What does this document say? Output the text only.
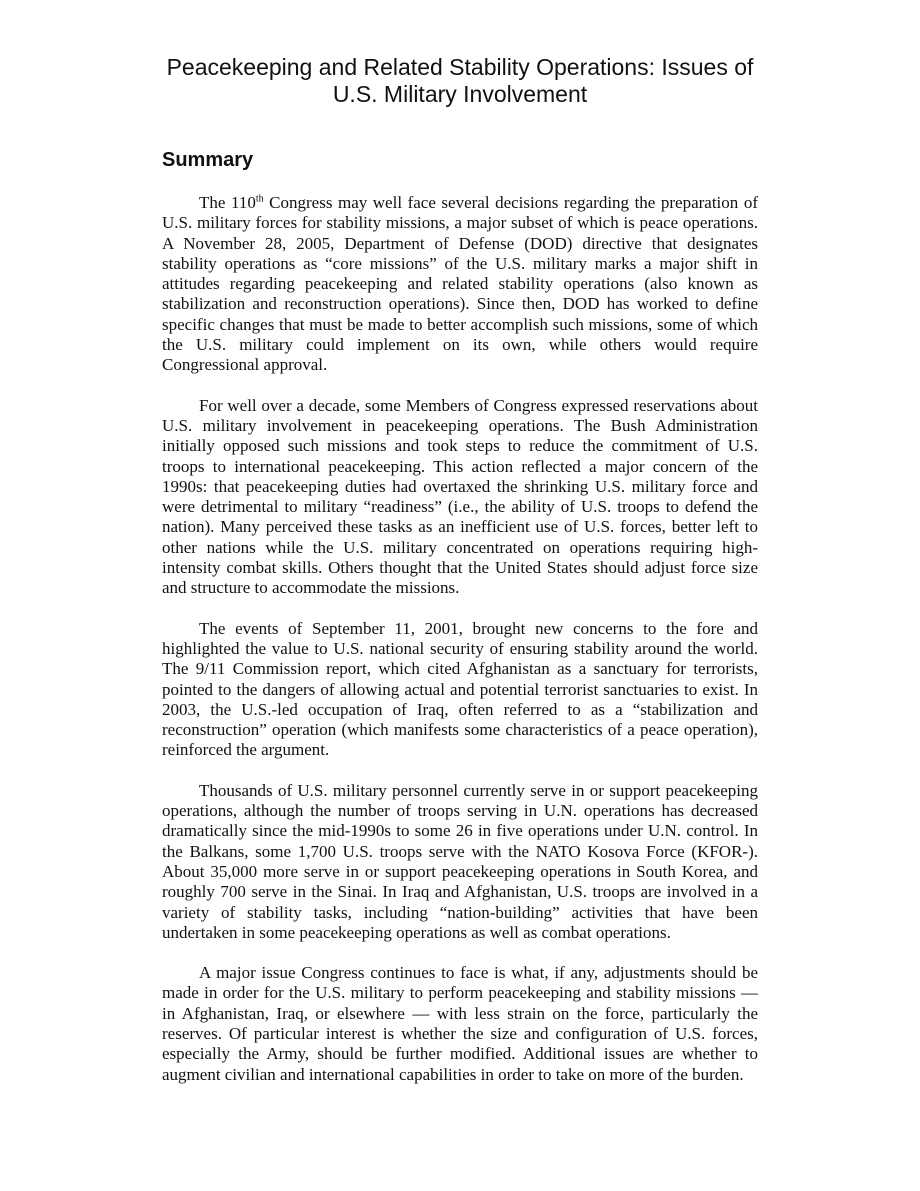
Peacekeeping and Related Stability Operations: Issues of U.S. Military Involvement
Summary

The 110th Congress may well face several decisions regarding the preparation of U.S. military forces for stability missions, a major subset of which is peace operations. A November 28, 2005, Department of Defense (DOD) directive that designates stability operations as “core missions” of the U.S. military marks a major shift in attitudes regarding peacekeeping and related stability operations (also known as stabilization and reconstruction operations). Since then, DOD has worked to define specific changes that must be made to better accomplish such missions, some of which the U.S. military could implement on its own, while others would require Congressional approval.

For well over a decade, some Members of Congress expressed reservations about U.S. military involvement in peacekeeping operations. The Bush Administration initially opposed such missions and took steps to reduce the commitment of U.S. troops to international peacekeeping. This action reflected a major concern of the 1990s: that peacekeeping duties had overtaxed the shrinking U.S. military force and were detrimental to military “readiness” (i.e., the ability of U.S. troops to defend the nation). Many perceived these tasks as an inefficient use of U.S. forces, better left to other nations while the U.S. military concentrated on operations requiring high-intensity combat skills. Others thought that the United States should adjust force size and structure to accommodate the missions.

The events of September 11, 2001, brought new concerns to the fore and highlighted the value to U.S. national security of ensuring stability around the world. The 9/11 Commission report, which cited Afghanistan as a sanctuary for terrorists, pointed to the dangers of allowing actual and potential terrorist sanctuaries to exist. In 2003, the U.S.-led occupation of Iraq, often referred to as a “stabilization and reconstruction” operation (which manifests some characteristics of a peace operation), reinforced the argument.

Thousands of U.S. military personnel currently serve in or support peacekeeping operations, although the number of troops serving in U.N. operations has decreased dramatically since the mid-1990s to some 26 in five operations under U.N. control. In the Balkans, some 1,700 U.S. troops serve with the NATO Kosova Force (KFOR-). About 35,000 more serve in or support peacekeeping operations in South Korea, and roughly 700 serve in the Sinai. In Iraq and Afghanistan, U.S. troops are involved in a variety of stability tasks, including “nation-building” activities that have been undertaken in some peacekeeping operations as well as combat operations.

A major issue Congress continues to face is what, if any, adjustments should be made in order for the U.S. military to perform peacekeeping and stability missions — in Afghanistan, Iraq, or elsewhere — with less strain on the force, particularly the reserves. Of particular interest is whether the size and configuration of U.S. forces, especially the Army, should be further modified. Additional issues are whether to augment civilian and international capabilities in order to take on more of the burden.
